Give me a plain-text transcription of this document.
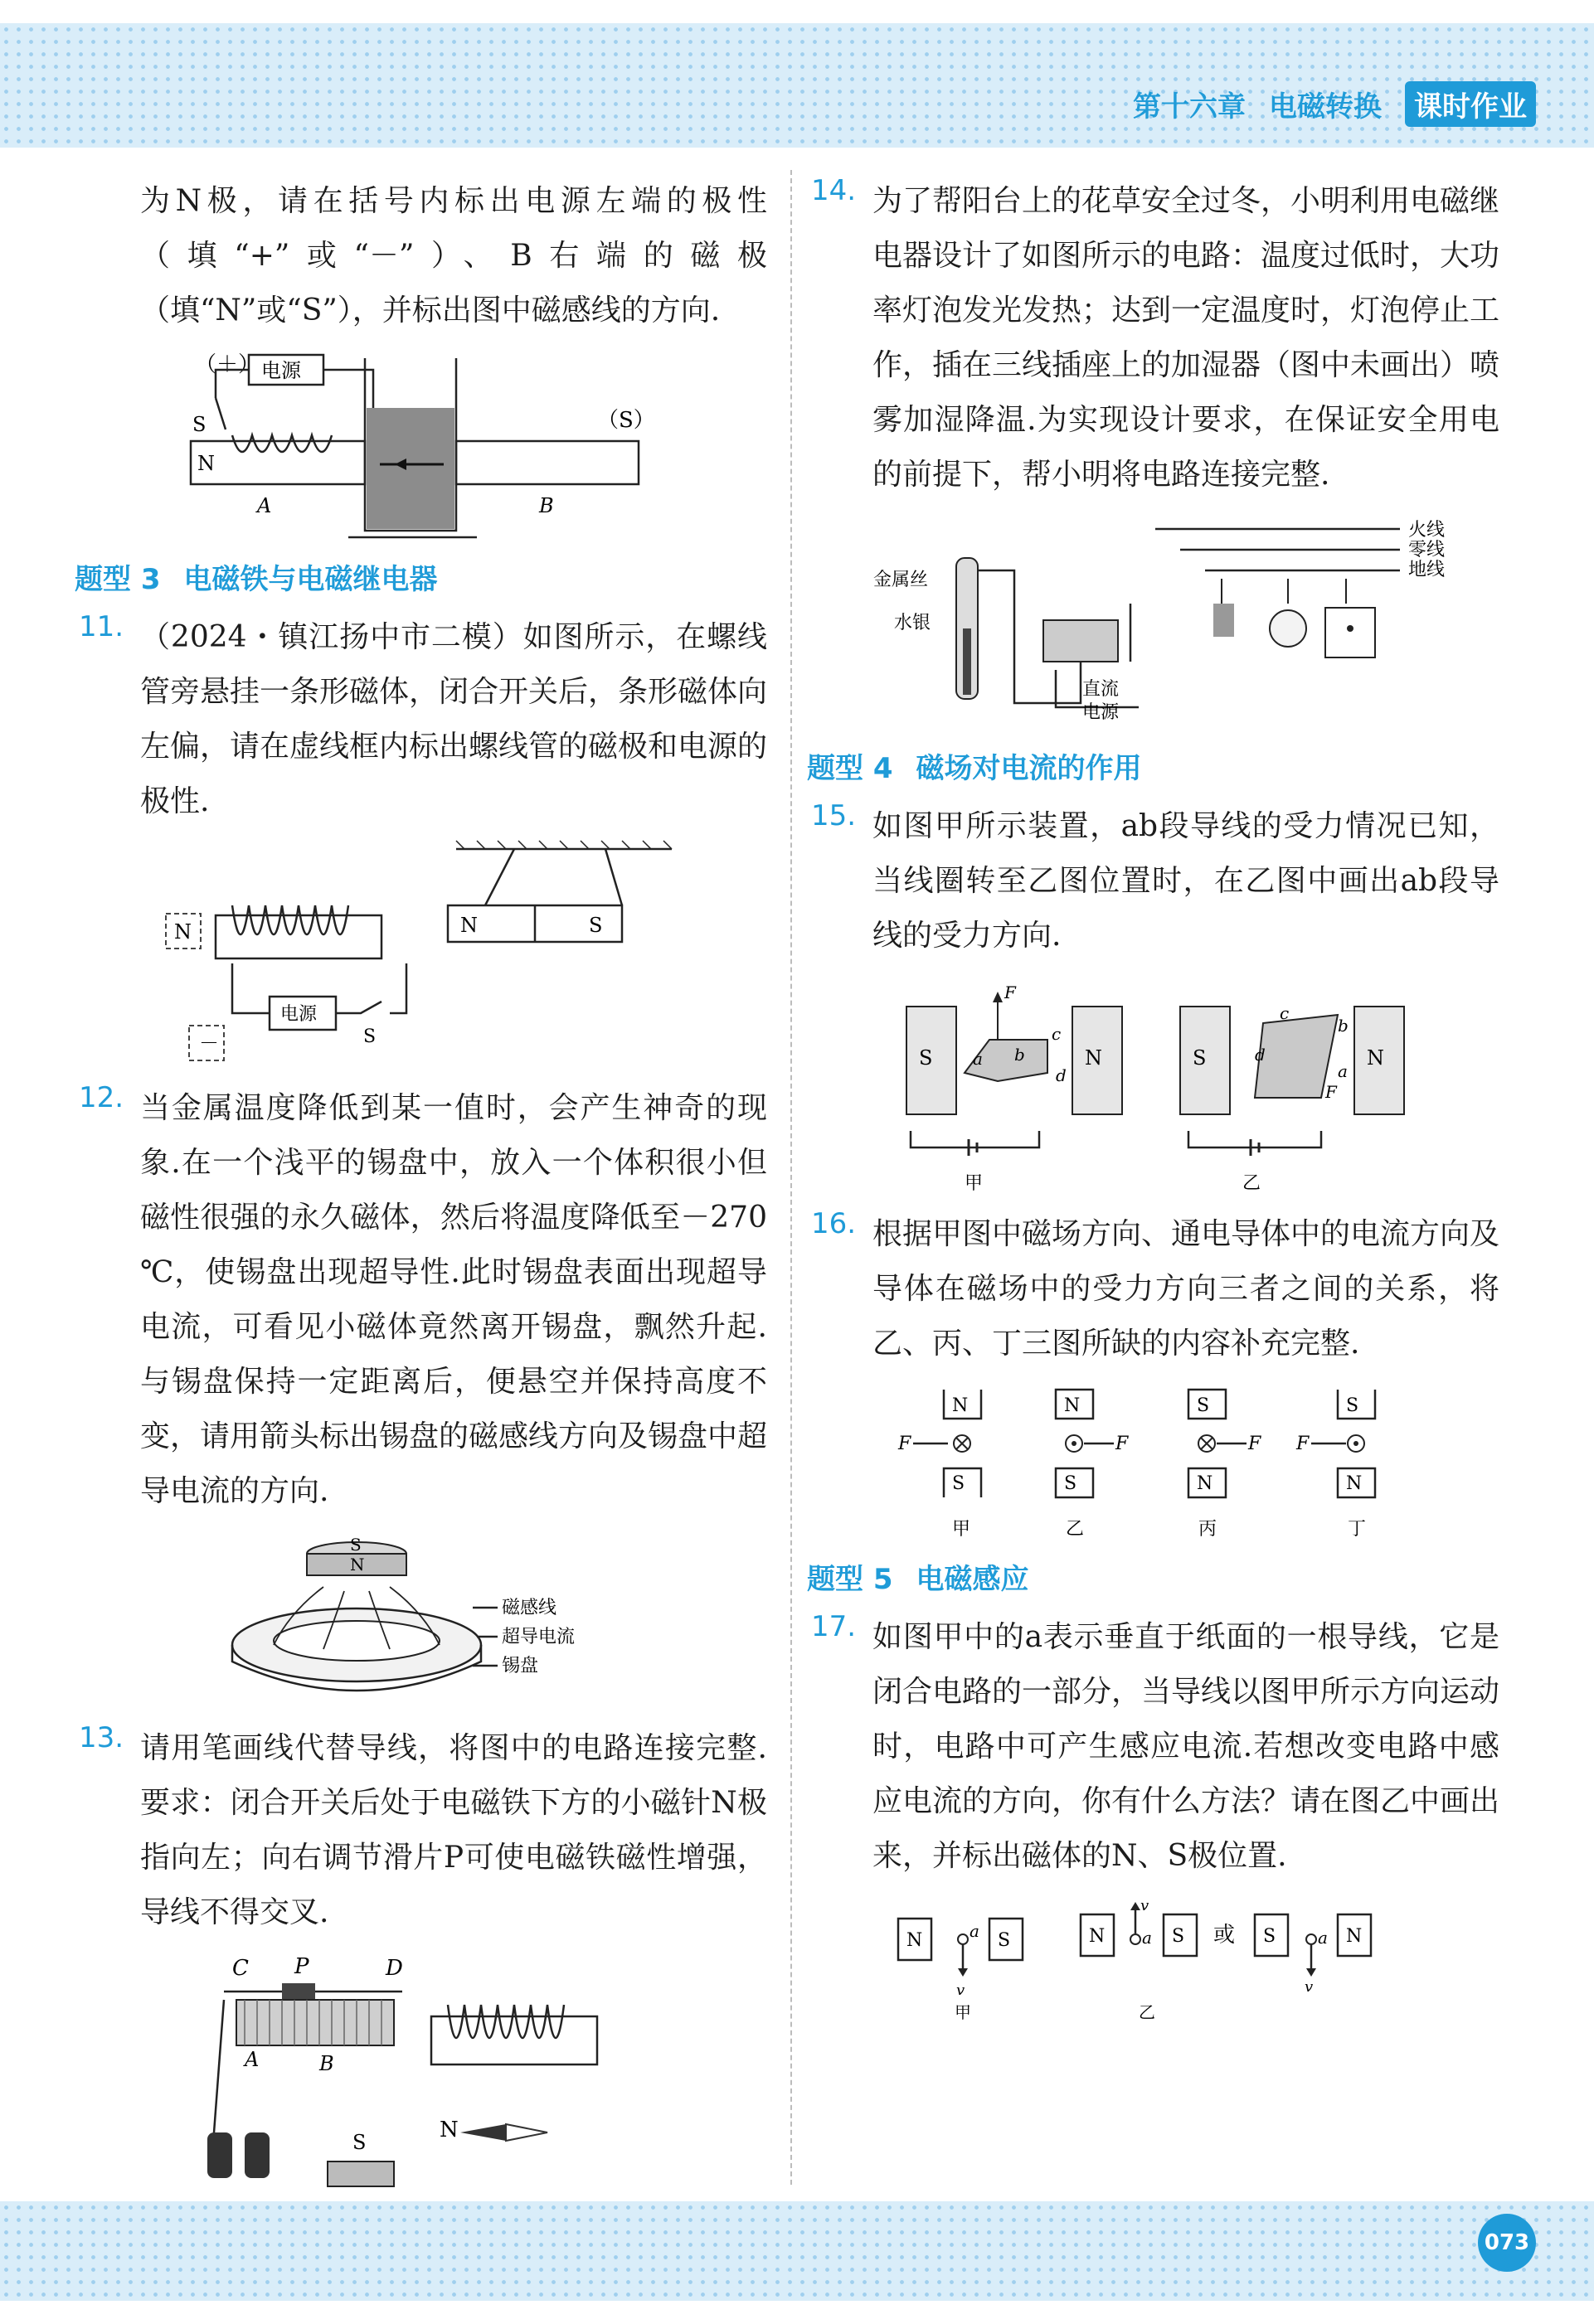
第十六章 电磁转换	课时作业

为N极，请在括号内标出电源左端的极性（填“+”或“－”）、B右端的磁极（填“N”或“S”），并标出图中磁感线的方向.

（＋） 电源
S
N
A	B
（S）
题型 3 电磁铁与电磁继电器
11. （2024・镇江扬中市二模）如图所示，在螺线管旁悬挂一条形磁体，闭合开关后，条形磁体向左偏，请在虚线框内标出螺线管的磁极和电源的极性.

N
电源
S
－
N	S
12. 当金属温度降低到某一值时，会产生神奇的现象.在一个浅平的锡盘中，放入一个体积很小但磁性很强的永久磁体，然后将温度降低至－270 ℃，使锡盘出现超导性.此时锡盘表面出现超导电流，可看见小磁体竟然离开锡盘，飘然升起.与锡盘保持一定距离后，便悬空并保持高度不变，请用箭头标出锡盘的磁感线方向及锡盘中超导电流的方向.

S
N
磁感线
超导电流
锡盘
13. 请用笔画线代替导线，将图中的电路连接完整.要求：闭合开关后处于电磁铁下方的小磁针N极指向左；向右调节滑片P可使电磁铁磁性增强，导线不得交叉.

C P	D
A	B
S	N
14. 为了帮阳台上的花草安全过冬，小明利用电磁继电器设计了如图所示的电路：温度过低时，大功率灯泡发光发热；达到一定温度时，灯泡停止工作，插在三线插座上的加湿器（图中未画出）喷雾加湿降温.为实现设计要求，在保证安全用电的前提下，帮小明将电路连接完整.

火线
零线
地线
金属丝
水银
直流
电源
题型 4 磁场对电流的作用
15. 如图甲所示装置，ab段导线的受力情况已知，当线圈转至乙图位置时，在乙图中画出ab段导线的受力方向.

S	N
a b
c
d
F
甲
S	N
c
b
a
F
d
乙
16. 根据甲图中磁场方向、通电导体中的电流方向及导体在磁场中的受力方向三者之间的关系，将乙、丙、丁三图所缺的内容补充完整.

N
F
S
甲
N
F
S
乙
S
F
N
丙
S
F
N
丁
题型 5 电磁感应
17. 如图甲中的a表示垂直于纸面的一根导线，它是闭合电路的一部分，当导线以图甲所示方向运动时，电路中可产生感应电流.若想改变电路中感应电流的方向，你有什么方法？请在图乙中画出来，并标出磁体的N、S极位置.

N	a
v
S
甲
N
v
a S 或 S	a
v
N
乙
073
